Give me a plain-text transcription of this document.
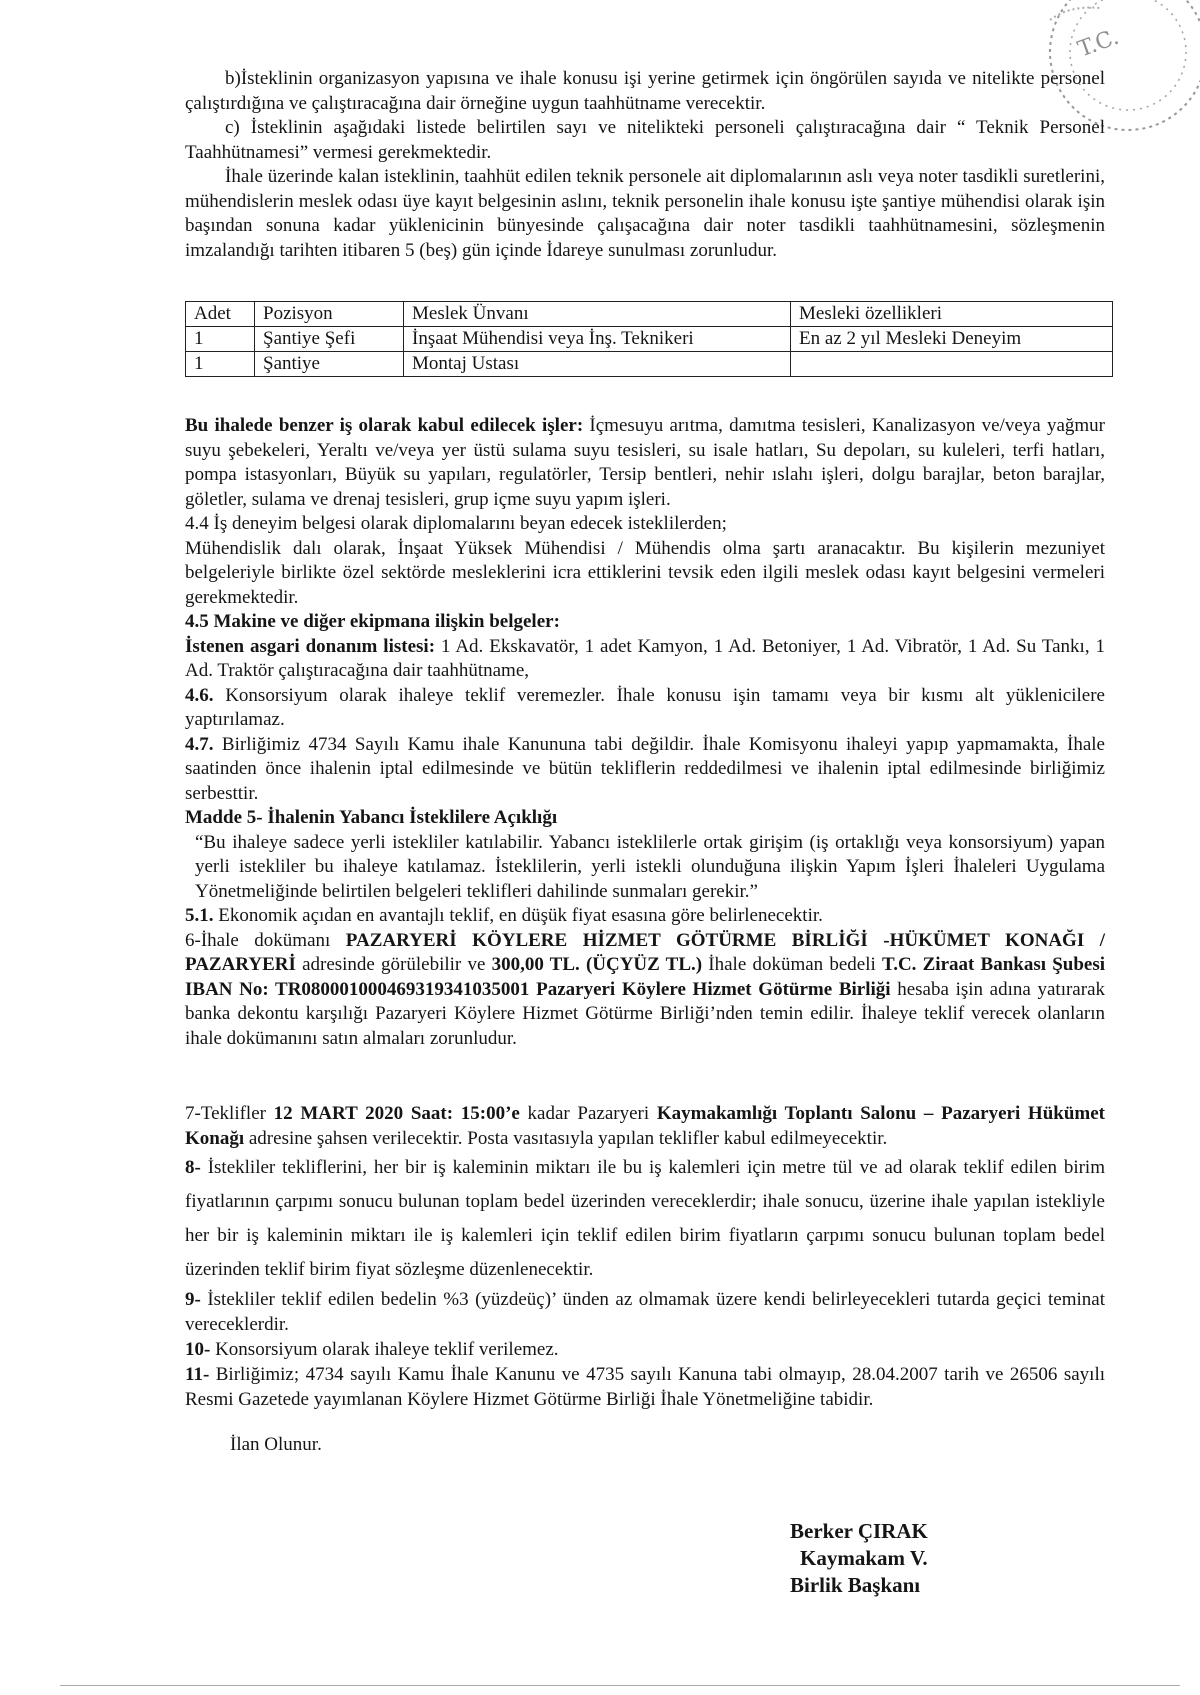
T.C.

b)İsteklinin organizasyon yapısına ve ihale konusu işi yerine getirmek için öngörülen sayıda ve nitelikte personel çalıştırdığına ve çalıştıracağına dair örneğine uygun taahhütname verecektir.

c) İsteklinin aşağıdaki listede belirtilen sayı ve nitelikteki personeli çalıştıracağına dair “ Teknik Personel Taahhütnamesi” vermesi gerekmektedir.

İhale üzerinde kalan isteklinin, taahhüt edilen teknik personele ait diplomalarının aslı veya noter tasdikli suretlerini, mühendislerin meslek odası üye kayıt belgesinin aslını, teknik personelin ihale konusu işte şantiye mühendisi olarak işin başından sonuna kadar yüklenicinin bünyesinde çalışacağına dair noter tasdikli taahhütnamesini, sözleşmenin imzalandığı tarihten itibaren 5 (beş) gün içinde İdareye sunulması zorunludur.

Adet	Pozisyon	Meslek Ünvanı	Mesleki özellikleri
1	Şantiye Şefi	İnşaat Mühendisi veya İnş. Teknikeri	En az 2 yıl Mesleki Deneyim
1	Şantiye	Montaj Ustası	

Bu ihalede benzer iş olarak kabul edilecek işler: İçmesuyu arıtma, damıtma tesisleri, Kanalizasyon ve/veya yağmur suyu şebekeleri, Yeraltı ve/veya yer üstü sulama suyu tesisleri, su isale hatları, Su depoları, su kuleleri, terfi hatları, pompa istasyonları, Büyük su yapıları, regulatörler, Tersip bentleri, nehir ıslahı işleri, dolgu barajlar, beton barajlar, göletler, sulama ve drenaj tesisleri, grup içme suyu yapım işleri.

4.4 İş deneyim belgesi olarak diplomalarını beyan edecek isteklilerden;

Mühendislik dalı olarak, İnşaat Yüksek Mühendisi / Mühendis olma şartı aranacaktır. Bu kişilerin mezuniyet belgeleriyle birlikte özel sektörde mesleklerini icra ettiklerini tevsik eden ilgili meslek odası kayıt belgesini vermeleri gerekmektedir.

4.5 Makine ve diğer ekipmana ilişkin belgeler:

İstenen asgari donanım listesi: 1 Ad. Ekskavatör, 1 adet Kamyon, 1 Ad. Betoniyer, 1 Ad. Vibratör, 1 Ad. Su Tankı, 1 Ad. Traktör çalıştıracağına dair taahhütname,

4.6. Konsorsiyum olarak ihaleye teklif veremezler. İhale konusu işin tamamı veya bir kısmı alt yüklenicilere yaptırılamaz.

4.7. Birliğimiz 4734 Sayılı Kamu ihale Kanununa tabi değildir. İhale Komisyonu ihaleyi yapıp yapmamakta, İhale saatinden önce ihalenin iptal edilmesinde ve bütün tekliflerin reddedilmesi ve ihalenin iptal edilmesinde birliğimiz serbesttir.

Madde 5- İhalenin Yabancı İsteklilere Açıklığı

“Bu ihaleye sadece yerli istekliler katılabilir. Yabancı isteklilerle ortak girişim (iş ortaklığı veya konsorsiyum) yapan yerli istekliler bu ihaleye katılamaz. İsteklilerin, yerli istekli olunduğuna ilişkin Yapım İşleri İhaleleri Uygulama Yönetmeliğinde belirtilen belgeleri teklifleri dahilinde sunmaları gerekir.”

5.1. Ekonomik açıdan en avantajlı teklif, en düşük fiyat esasına göre belirlenecektir.

6-İhale dokümanı PAZARYERİ KÖYLERE HİZMET GÖTÜRME BİRLİĞİ -HÜKÜMET KONAĞI / PAZARYERİ adresinde görülebilir ve 300,00 TL. (ÜÇYÜZ TL.) İhale doküman bedeli T.C. Ziraat Bankası Şubesi IBAN No: TR080001000469319341035001 Pazaryeri Köylere Hizmet Götürme Birliği hesaba işin adına yatırarak banka dekontu karşılığı Pazaryeri Köylere Hizmet Götürme Birliği’nden temin edilir. İhaleye teklif verecek olanların ihale dokümanını satın almaları zorunludur.

7-Teklifler 12 MART 2020 Saat: 15:00’e kadar Pazaryeri Kaymakamlığı Toplantı Salonu – Pazaryeri Hükümet Konağı adresine şahsen verilecektir. Posta vasıtasıyla yapılan teklifler kabul edilmeyecektir.

8- İstekliler tekliflerini, her bir iş kaleminin miktarı ile bu iş kalemleri için metre tül ve ad olarak teklif edilen birim fiyatlarının çarpımı sonucu bulunan toplam bedel üzerinden vereceklerdir; ihale sonucu, üzerine ihale yapılan istekliyle her bir iş kaleminin miktarı ile iş kalemleri için teklif edilen birim fiyatların çarpımı sonucu bulunan toplam bedel üzerinden teklif birim fiyat sözleşme düzenlenecektir.

9- İstekliler teklif edilen bedelin %3 (yüzdeüç)’ ünden az olmamak üzere kendi belirleyecekleri tutarda geçici teminat vereceklerdir.

10- Konsorsiyum olarak ihaleye teklif verilemez.

11- Birliğimiz; 4734 sayılı Kamu İhale Kanunu ve 4735 sayılı Kanuna tabi olmayıp, 28.04.2007 tarih ve 26506 sayılı Resmi Gazetede yayımlanan Köylere Hizmet Götürme Birliği İhale Yönetmeliğine tabidir.

İlan Olunur.

Berker ÇIRAK
Kaymakam V.
Birlik Başkanı
